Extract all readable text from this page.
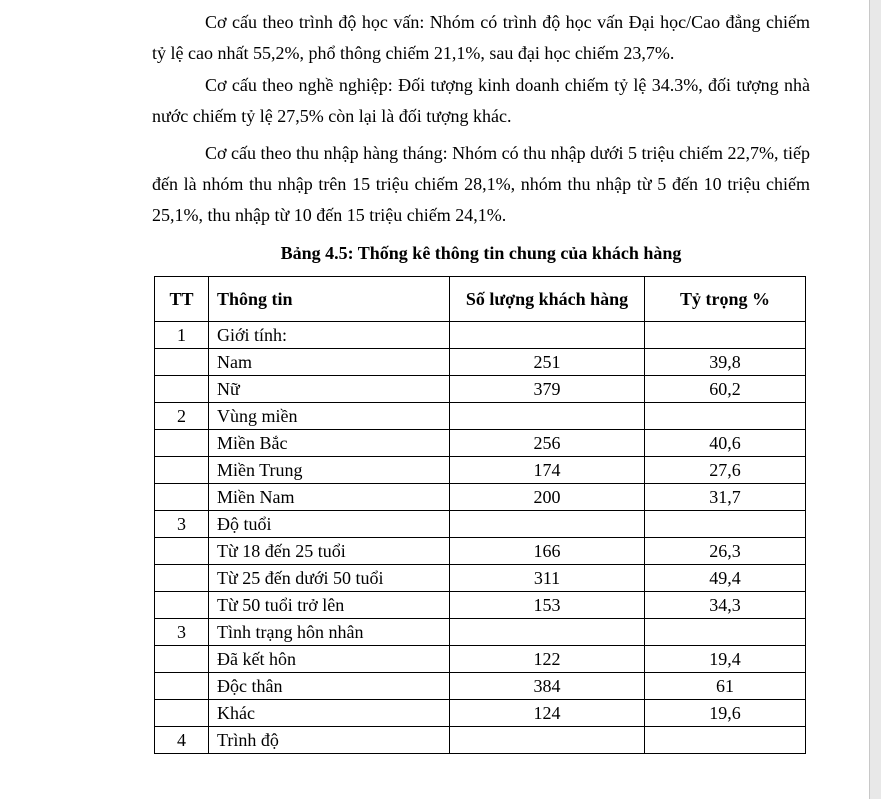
Cơ cấu theo trình độ học vấn: Nhóm có trình độ học vấn Đại học/Cao đẳng chiếm tỷ lệ cao nhất 55,2%, phổ thông chiếm 21,1%, sau đại học chiếm 23,7%.

Cơ cấu theo nghề nghiệp: Đối tượng kinh doanh chiếm tỷ lệ 34.3%, đối tượng nhà nước chiếm tỷ lệ 27,5% còn lại là đối tượng khác.

Cơ cấu theo thu nhập hàng tháng: Nhóm có thu nhập dưới 5 triệu chiếm 22,7%, tiếp đến là nhóm thu nhập trên 15 triệu chiếm 28,1%, nhóm thu nhập từ 5 đến 10 triệu chiếm 25,1%, thu nhập từ 10 đến 15 triệu chiếm 24,1%.

Bảng 4.5: Thống kê thông tin chung của khách hàng

TT	Thông tin	Số lượng khách hàng	Tỷ trọng %
1	Giới tính:		
	Nam	251	39,8
	Nữ	379	60,2
2	Vùng miền		
	Miền Bắc	256	40,6
	Miền Trung	174	27,6
	Miền Nam	200	31,7
3	Độ tuổi		
	Từ 18 đến 25 tuổi	166	26,3
	Từ 25 đến dưới 50 tuổi	311	49,4
	Từ 50 tuổi trở lên	153	34,3
3	Tình trạng hôn nhân		
	Đã kết hôn	122	19,4
	Độc thân	384	61
	Khác	124	19,6
4	Trình độ		
